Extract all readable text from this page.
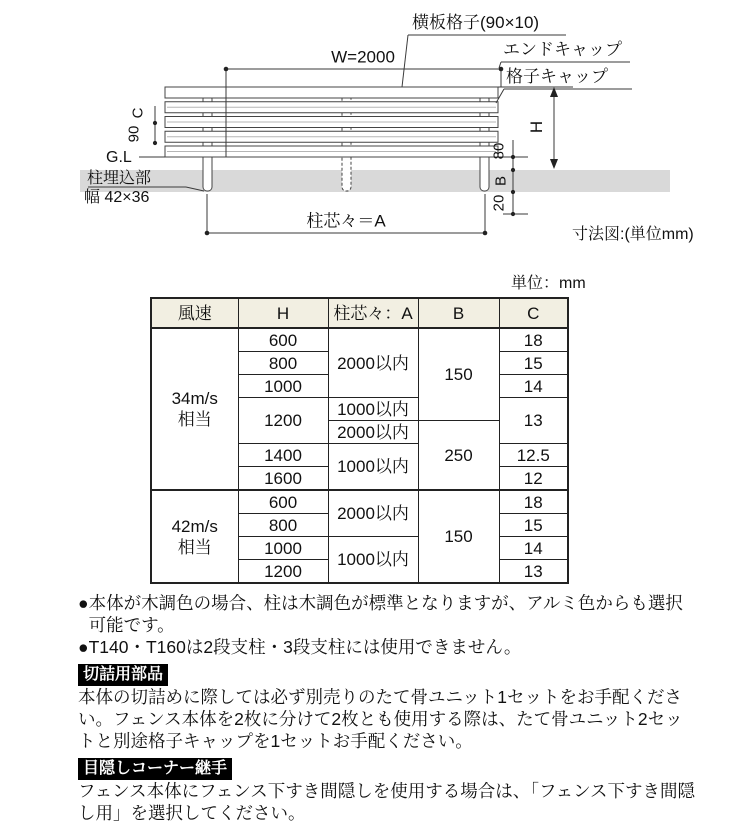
横板格子(90×10)
エンドキャップ
格子キャップ
W=2000
G.L
柱埋込部
幅 42×36
柱芯々＝A
寸法図:(単位mm)
C
90	H
80
B
20
単位：mm
風速	H	柱芯々：A	B	C

34m/s
相当	600	2000以内	150	18
	800			15
	1000			14
	1200	1000以内		13
		2000以内	250	
	1400	1000以内		12.5
	1600			12

42m/s
相当	600	2000以内	150	18
	800			15
	1000	1000以内		14
	1200			13
● 本体が木調色の場合、柱は木調色が標準となりますが、アルミ色からも選択可能です。
● T140・T160は2段支柱・3段支柱には使用できません。
切詰用部品

本体の切詰めに際しては必ず別売りのたて骨ユニット1セットをお手配ください。フェンス本体を2枚に分けて2枚とも使用する際は、たて骨ユニット2セットと別途格子キャップを1セットお手配ください。

目隠しコーナー継手

フェンス本体にフェンス下すき間隠しを使用する場合は、「フェンス下すき間隠し用」を選択してください。
